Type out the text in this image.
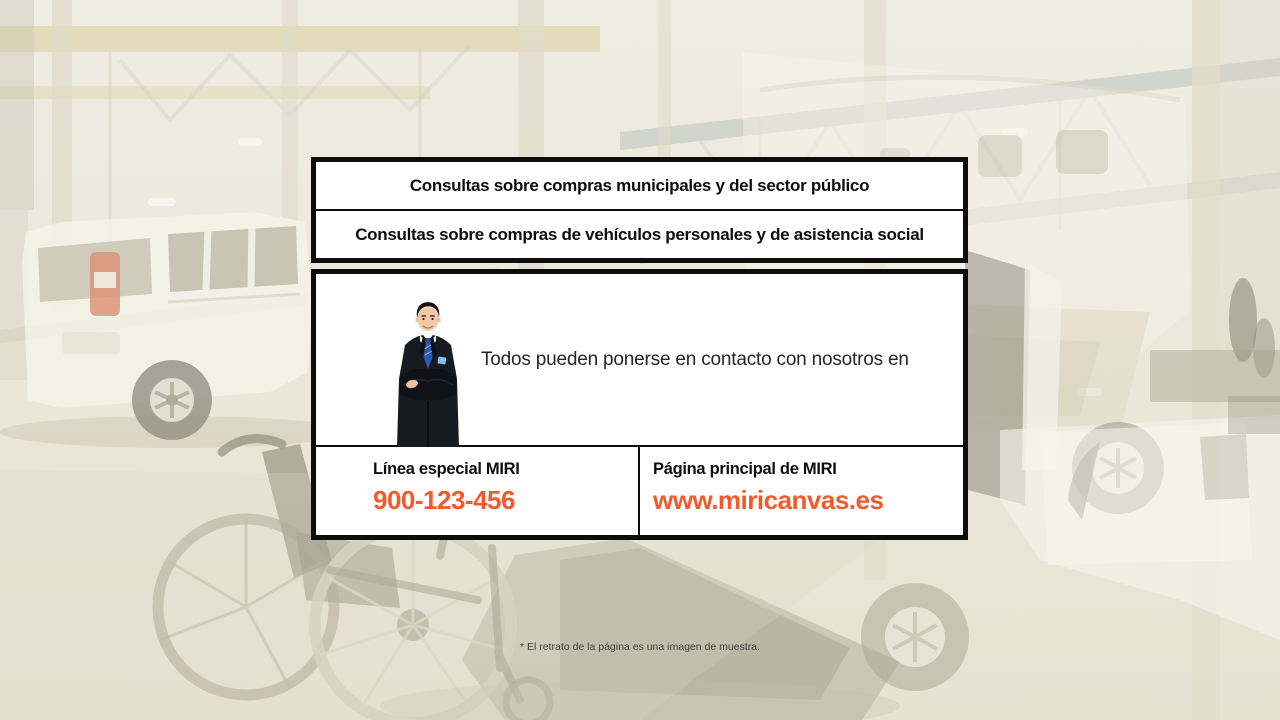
Consultas sobre compras municipales y del sector público
Consultas sobre compras de vehículos personales y de asistencia social
Todos pueden ponerse en contacto con nosotros en
Línea especial MIRI
900-123-456
Página principal de MIRI
www.miricanvas.es
* El retrato de la página es una imagen de muestra.
